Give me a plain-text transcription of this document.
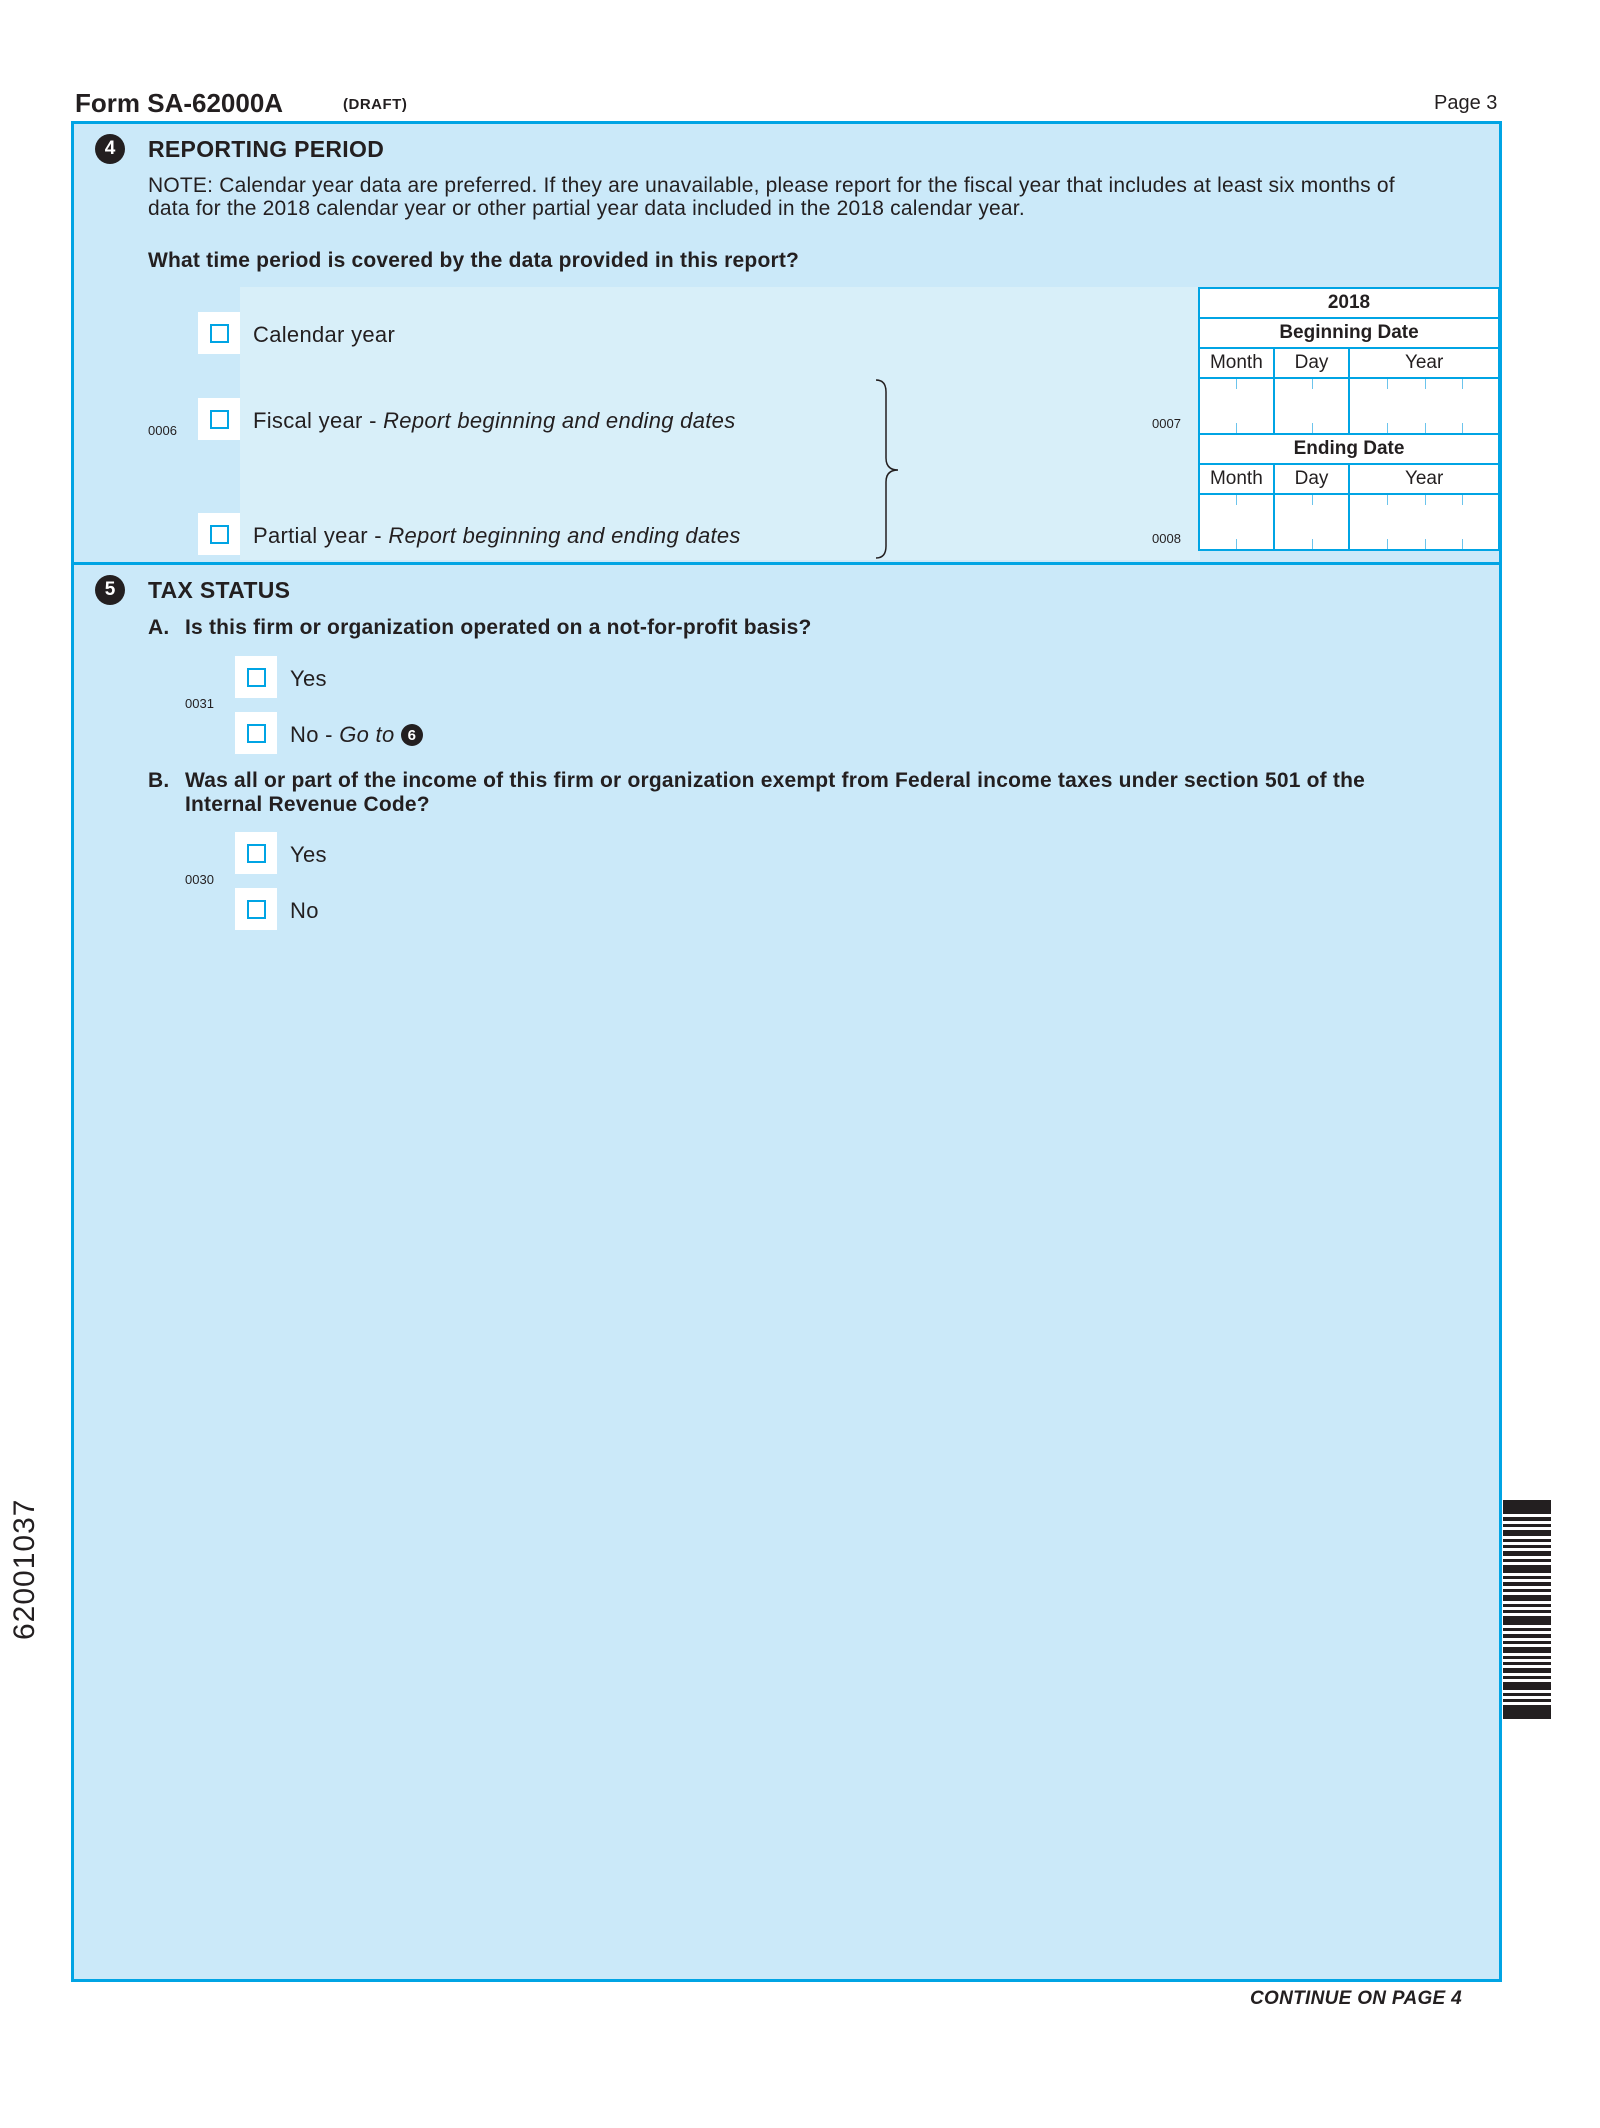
Form SA-62000A	(DRAFT)	Page 3
4	REPORTING PERIOD
NOTE: Calendar year data are preferred. If they are unavailable, please report for the fiscal year that includes at least six months of data for the 2018 calendar year or other partial year data included in the 2018 calendar year.
What time period is covered by the data provided in this report?
Calendar year
0006	Fiscal year - Report beginning and ending dates
Partial year - Report beginning and ending dates
0007
0008
2018		
Beginning Date		
Month	Day	Year

Ending Date		
Month	Day	Year

5	TAX STATUS
A. Is this firm or organization operated on a not-for-profit basis?
Yes
0031
No -
Go to
6
B. Was all or part of the income of this firm or organization exempt from Federal income taxes under section 501 of the Internal Revenue Code?
Yes
0030
No
CONTINUE ON PAGE 4
62001037
